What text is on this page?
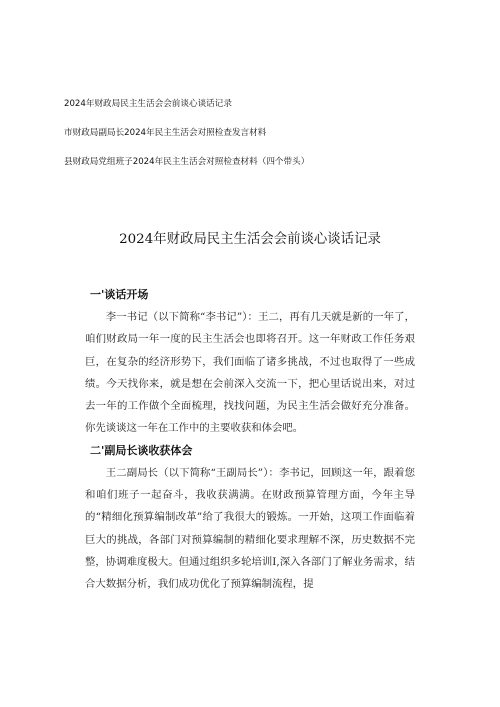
2024年财政局民主生活会会前谈心谈话记录
市财政局副局长2024年民主生活会对照检查发言材料
县财政局党组班子2024年民主生活会对照检查材料（四个带头）
2024年财政局民主生活会会前谈心谈话记录
一'谈话开场

李一书记（以下简称“李书记”）：王二，再有几天就是新的一年了，咱们财政局一年一度的民主生活会也即将召开。这一年财政工作任务艰巨，在复杂的经济形势下，我们面临了诸多挑战，不过也取得了一些成绩。今天找你来，就是想在会前深入交流一下，把心里话说出来，对过去一年的工作做个全面梳理，找找问题，为民主生活会做好充分准备。你先谈谈这一年在工作中的主要收获和体会吧。

二'副局长谈收获体会

王二副局长（以下简称“王副局长”）：李书记，回顾这一年，跟着您和咱们班子一起奋斗，我收获满满。在财政预算管理方面，今年主导的“精细化预算编制改革”给了我很大的锻炼。一开始，这项工作面临着巨大的挑战，各部门对预算编制的精细化要求理解不深，历史数据不完整，协调难度极大。但通过组织多轮培训I,深入各部门了解业务需求，结合大数据分析，我们成功优化了预算编制流程，提
